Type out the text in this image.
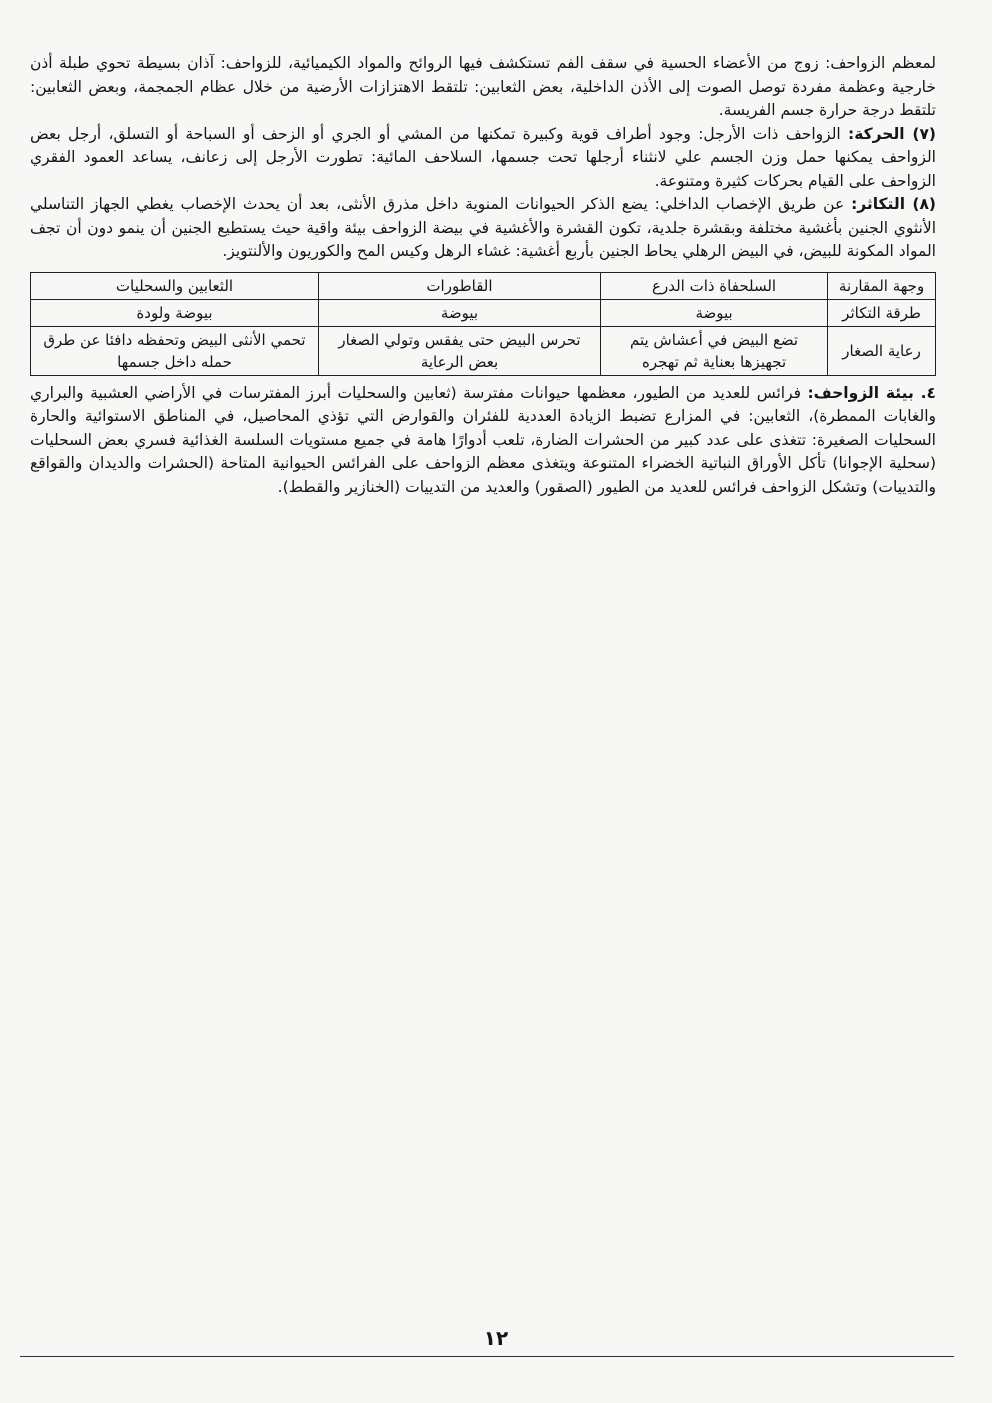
لمعظم الزواحف: زوج من الأعضاء الحسية في سقف الفم تستكشف فيها الروائح والمواد الكيميائية، للزواحف: آذان بسيطة تحوي طبلة أذن خارجية وعظمة مفردة توصل الصوت إلى الأذن الداخلية، بعض الثعابين: تلتقط الاهتزازات الأرضية من خلال عظام الجمجمة، وبعض الثعابين: تلتقط درجة حرارة جسم الفريسة.

(٧) الحركة: الزواحف ذات الأرجل: وجود أطراف قوية وكبيرة تمكنها من المشي أو الجري أو الزحف أو السباحة أو التسلق، أرجل بعض الزواحف يمكنها حمل وزن الجسم علي لانثناء أرجلها تحت جسمها، السلاحف المائية: تطورت الأرجل إلى زعانف، يساعد العمود الفقري الزواحف على القيام بحركات كثيرة ومتنوعة.

(٨) التكاثر: عن طريق الإخصاب الداخلي: يضع الذكر الحيوانات المنوية داخل مذرق الأنثى، بعد أن يحدث الإخصاب يغطي الجهاز التناسلي الأنثوي الجنين بأغشية مختلفة وبقشرة جلدية، تكون القشرة والأغشية في بيضة الزواحف بيئة واقية حيث يستطيع الجنين أن ينمو دون أن تجف المواد المكونة للبيض، في البيض الرهلي يحاط الجنين بأربع أغشية: غشاء الرهل وكيس المح والكوريون والألنتويز.

وجهة المقارنة	السلحفاة ذات الدرع	القاطورات	الثعابين والسحليات
طرقة التكاثر	بيوضة	بيوضة	بيوضة ولودة
رعاية الصغار	تضع البيض في أعشاش يتم تجهيزها بعناية ثم تهجره	تحرس البيض حتى يفقس وتولي الصغار بعض الرعاية	تحمي الأنثى البيض وتحفظه دافئا عن طرق حمله داخل جسمها

٤. بيئة الزواحف: فرائس للعديد من الطيور، معظمها حيوانات مفترسة (ثعابين والسحليات أبرز المفترسات في الأراضي العشبية والبراري والغابات الممطرة)، الثعابين: في المزارع تضبط الزيادة العددية للفئران والقوارض التي تؤذي المحاصيل، في المناطق الاستوائية والحارة السحليات الصغيرة: تتغذى على عدد كبير من الحشرات الضارة، تلعب أدوارًا هامة في جميع مستويات السلسة الغذائية فسري بعض السحليات (سحلية الإجوانا) تأكل الأوراق النباتية الخضراء المتنوعة ويتغذى معظم الزواحف على الفرائس الحيوانية المتاحة (الحشرات والديدان والقواقع والتدييات) وتشكل الزواحف فرائس للعديد من الطيور (الصقور) والعديد من التدييات (الخنازير والقطط).

١٢
